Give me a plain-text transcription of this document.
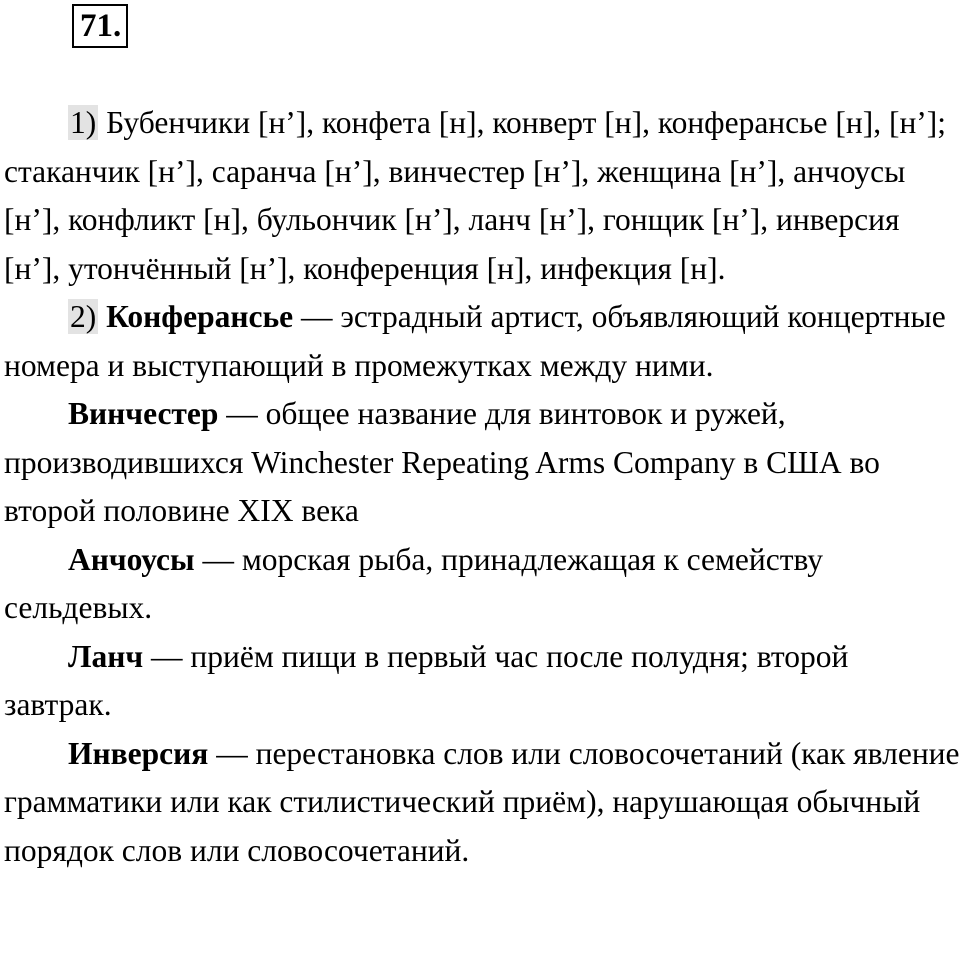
71.

1) Бубенчики [н’], конфета [н], конверт [н], конферансье [н], [н’]; стаканчик [н’], саранча [н’], винчестер [н’], женщина [н’], анчоусы [н’], конфликт [н], бульончик [н’], ланч [н’], гонщик [н’], инверсия [н’], утончённый [н’], конференция [н], инфекция [н].

2) Конферансье — эстрадный артист, объявляющий концертные номера и выступающий в промежутках между ними.

Винчестер — общее название для винтовок и ружей, производившихся Winchester Repeating Arms Company в США во второй половине XIX века

Анчоусы — морская рыба, принадлежащая к семейству сельдевых.

Ланч — приём пищи в первый час после полудня; второй завтрак.

Инверсия — перестановка слов или словосочетаний (как явление грамматики или как стилистический приём), нарушающая обычный порядок слов или словосочетаний.
